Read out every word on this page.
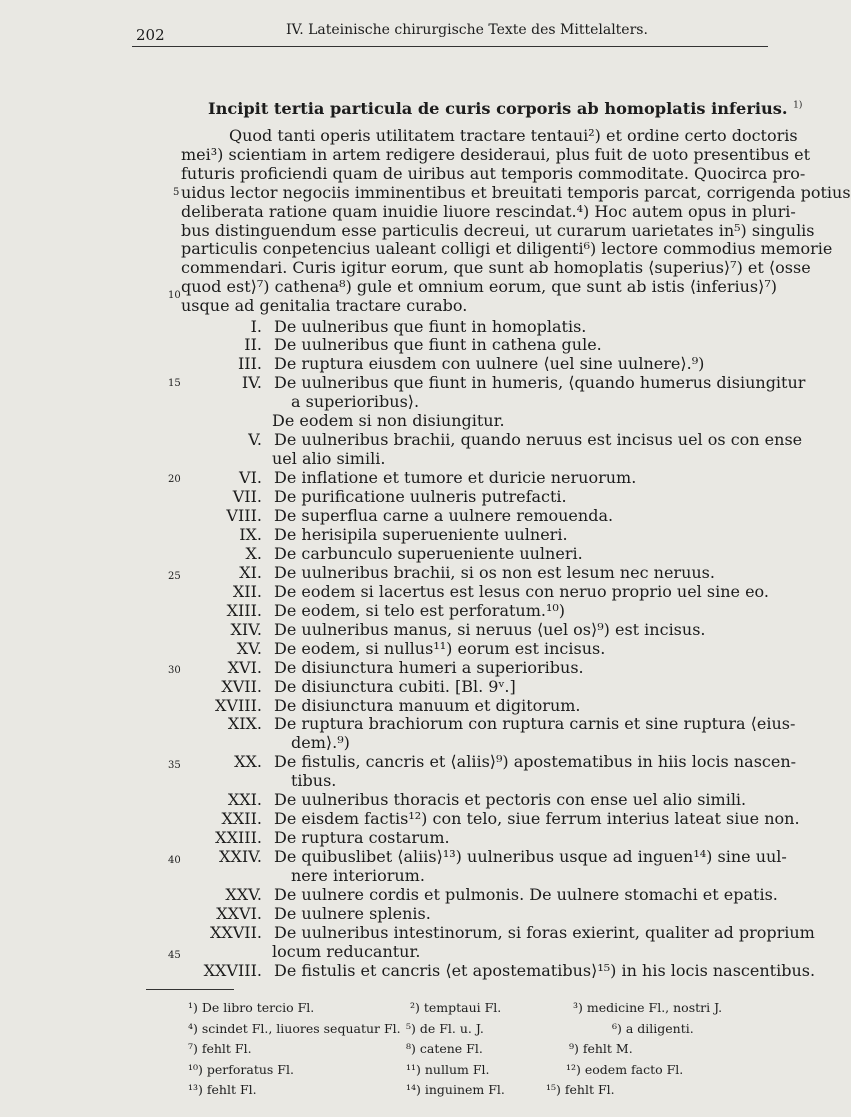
202	IV. Lateinische chirurgische Texte des Mittelalters.
Incipit tertia particula de curis corporis ab homoplatis inferius. $^{1)}$
Quod tanti operis utilitatem tractare tentaui²) et ordine certo doctoris
mei³) scientiam in artem redigere desideraui, plus fuit de uoto presentibus et
futuris proficiendi quam de uiribus aut temporis commoditate. Quocirca pro-
uidus lector negociis imminentibus et breuitati temporis parcat, corrigenda potius
deliberata ratione quam inuidie liuore rescindat.⁴) Hoc autem opus in pluri-
bus distinguendum esse particulis decreui, ut curarum uarietates in⁵) singulis
particulis conpetencius ualeant colligi et diligenti⁶) lectore commodius memorie
commendari. Curis igitur eorum, que sunt ab homoplatis ⟨superius⟩⁷) et ⟨osse
quod est⟩⁷) cathena⁸) gule et omnium eorum, que sunt ab istis ⟨inferius⟩⁷)
usque ad genitalia tractare curabo.
I. De uulneribus que fiunt in homoplatis.
II. De uulneribus que fiunt in cathena gule.
III. De ruptura eiusdem con uulnere ⟨uel sine uulnere⟩.⁹)
IV. De uulneribus que fiunt in humeris, ⟨quando humerus disiungitur
a superioribus⟩.
De eodem si non disiungitur.
V. De uulneribus brachii, quando neruus est incisus uel os con ense
uel alio simili.
VI. De inflatione et tumore et duricie neruorum.
VII. De purificatione uulneris putrefacti.
VIII. De superflua carne a uulnere remouenda.
IX. De herisipila superueniente uulneri.
X. De carbunculo superueniente uulneri.
XI. De uulneribus brachii, si os non est lesum nec neruus.
XII. De eodem si lacertus est lesus con neruo proprio uel sine eo.
XIII. De eodem, si telo est perforatum.¹⁰)
XIV. De uulneribus manus, si neruus ⟨uel os⟩⁹) est incisus.
XV. De eodem, si nullus¹¹) eorum est incisus.
XVI. De disiunctura humeri a superioribus.
XVII. De disiunctura cubiti. [Bl. 9ᵛ.]
XVIII. De disiunctura manuum et digitorum.
XIX. De ruptura brachiorum con ruptura carnis et sine ruptura ⟨eius-
dem⟩.⁹)
XX. De fistulis, cancris et ⟨aliis⟩⁹) apostematibus in hiis locis nascen-
tibus.
XXI. De uulneribus thoracis et pectoris con ense uel alio simili.
XXII. De eisdem factis¹²) con telo, siue ferrum interius lateat siue non.
XXIII. De ruptura costarum.
XXIV. De quibuslibet ⟨aliis⟩¹³) uulneribus usque ad inguen¹⁴) sine uul-
nere interiorum.
XXV. De uulnere cordis et pulmonis. De uulnere stomachi et epatis.
XXVI. De uulnere splenis.
XXVII. De uulneribus intestinorum, si foras exierint, qualiter ad proprium
locum reducantur.
XXVIII. De fistulis et cancris ⟨et apostematibus⟩¹⁵) in his locis nascentibus.
5
10
15
20
25
30
35
40
45
¹) De libro tercio Fl.	²) temptaui Fl.	³) medicine Fl., nostri J.
⁴) scindet Fl., liuores sequatur Fl. ⁵) de Fl. u. J.	⁶) a diligenti.
⁷) fehlt Fl.	⁸) catene Fl.	⁹) fehlt M.
¹⁰) perforatus Fl.	¹¹) nullum Fl.	¹²) eodem facto Fl.
¹³) fehlt Fl.	¹⁴) inguinem Fl.	¹⁵) fehlt Fl.
